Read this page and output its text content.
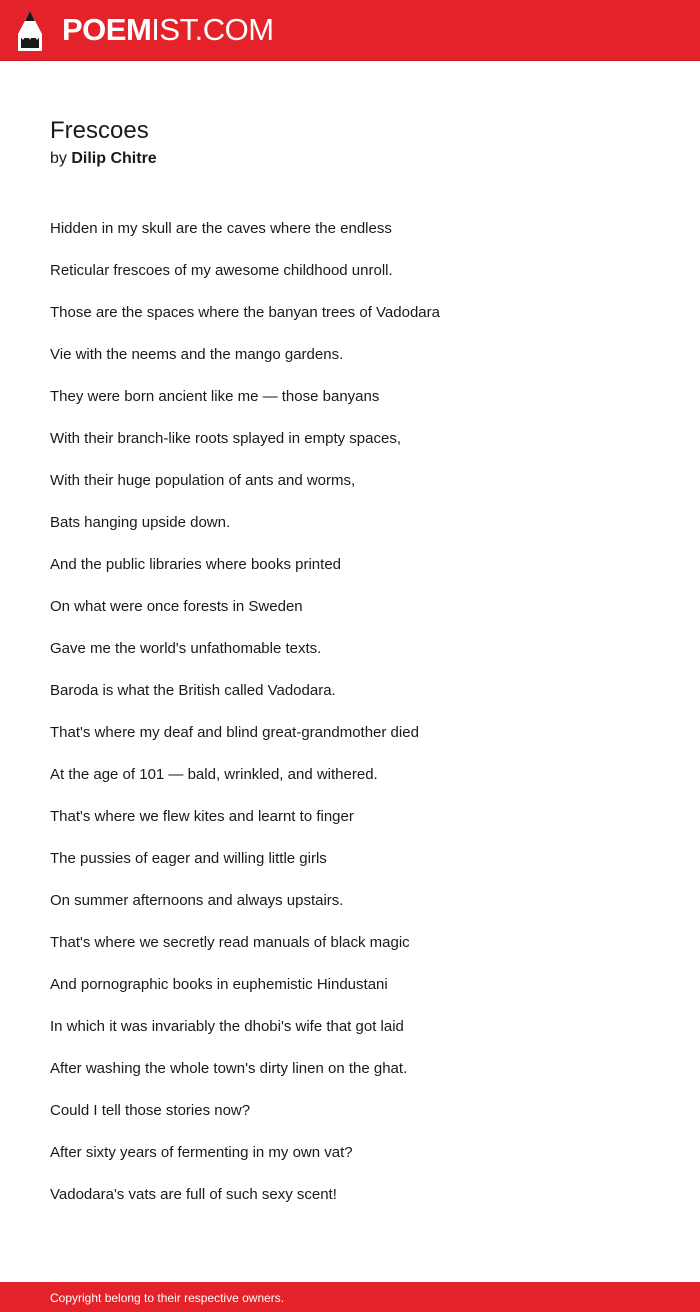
POEMIST.COM
Frescoes
by Dilip Chitre
Hidden in my skull are the caves where the endless
Reticular frescoes of my awesome childhood unroll.
Those are the spaces where the banyan trees of Vadodara
Vie with the neems and the mango gardens.
They were born ancient like me — those banyans
With their branch-like roots splayed in empty spaces,
With their huge population of ants and worms,
Bats hanging upside down.
And the public libraries where books printed
On what were once forests in Sweden
Gave me the world's unfathomable texts.
Baroda is what the British called Vadodara.
That's where my deaf and blind great-grandmother died
At the age of 101 — bald, wrinkled, and withered.
That's where we flew kites and learnt to finger
The pussies of eager and willing little girls
On summer afternoons and always upstairs.
That's where we secretly read manuals of black magic
And pornographic books in euphemistic Hindustani
In which it was invariably the dhobi's wife that got laid
After washing the whole town's dirty linen on the ghat.
Could I tell those stories now?
After sixty years of fermenting in my own vat?
Vadodara's vats are full of such sexy scent!
Copyright belong to their respective owners.
